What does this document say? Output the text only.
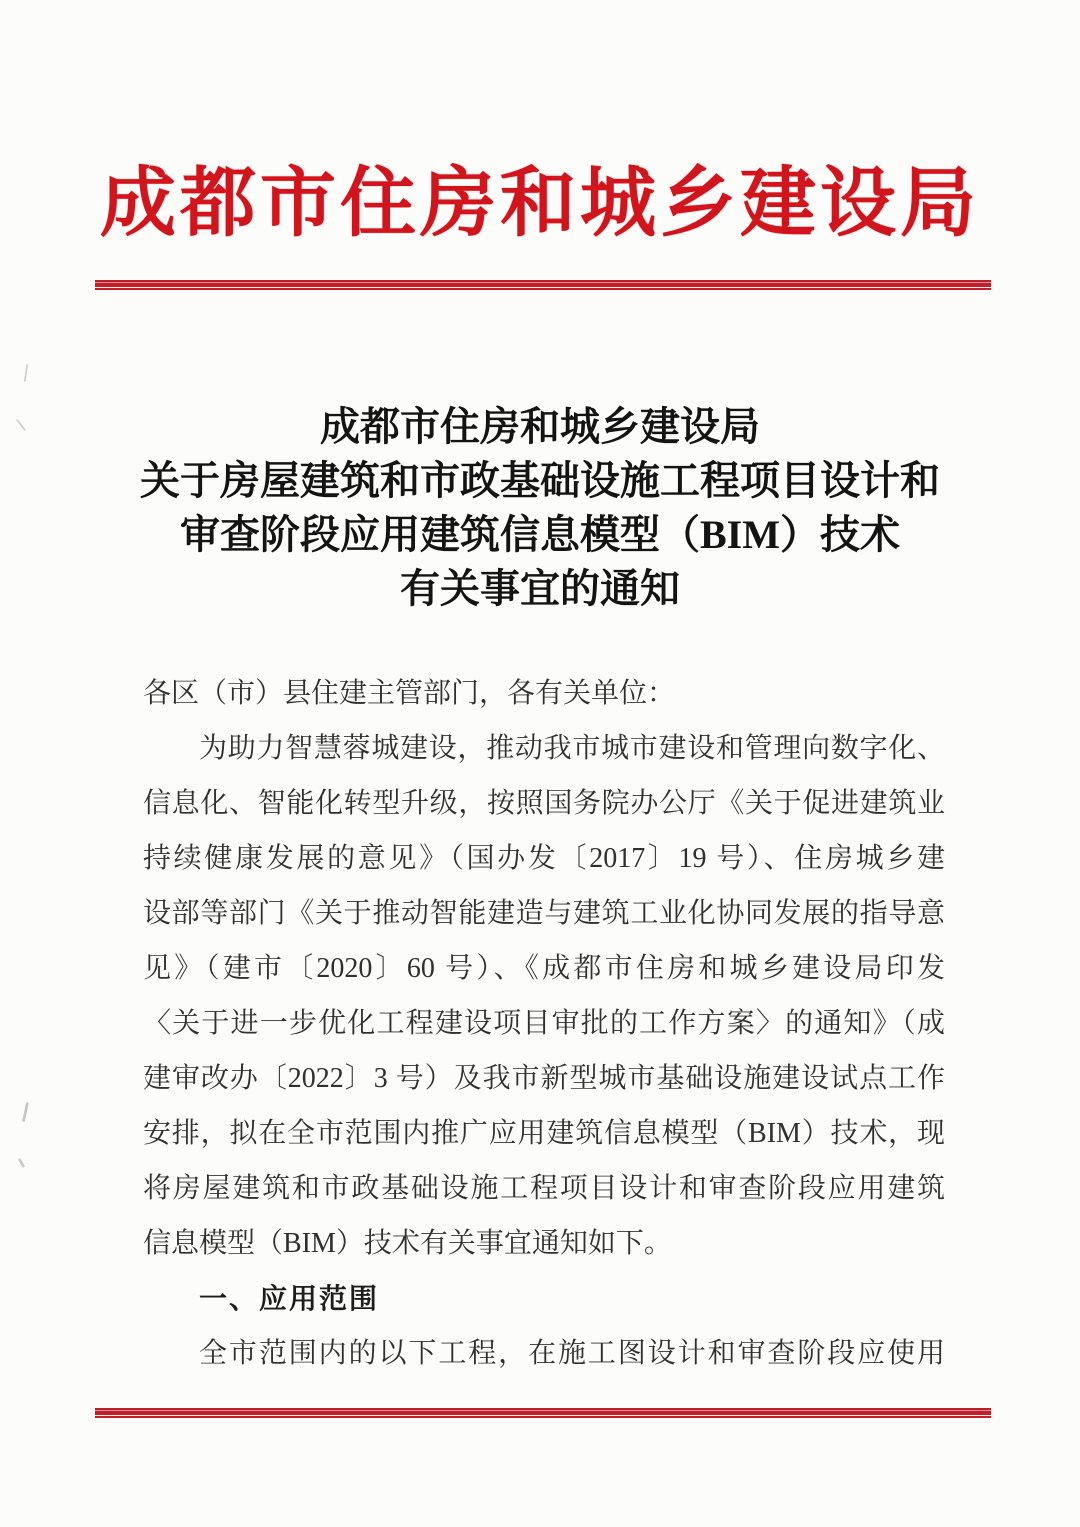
成都市住房和城乡建设局
成都市住房和城乡建设局
关于房屋建筑和市政基础设施工程项目设计和
审查阶段应用建筑信息模型（BIM）技术
有关事宜的通知
各区（市）县住建主管部门，各有关单位：
为助力智慧蓉城建设，推动我市城市建设和管理向数字化、
信息化、智能化转型升级，按照国务院办公厅《关于促进建筑业
持续健康发展的意见》（国办发〔2017〕19 号）、住房城乡建
设部等部门《关于推动智能建造与建筑工业化协同发展的指导意
见》（建市〔2020〕60 号）、《成都市住房和城乡建设局印发
〈关于进一步优化工程建设项目审批的工作方案〉的通知》（成
建审改办〔2022〕3 号）及我市新型城市基础设施建设试点工作
安排，拟在全市范围内推广应用建筑信息模型（BIM）技术，现
将房屋建筑和市政基础设施工程项目设计和审查阶段应用建筑
信息模型（BIM）技术有关事宜通知如下。
一、应用范围
全市范围内的以下工程，在施工图设计和审查阶段应使用
